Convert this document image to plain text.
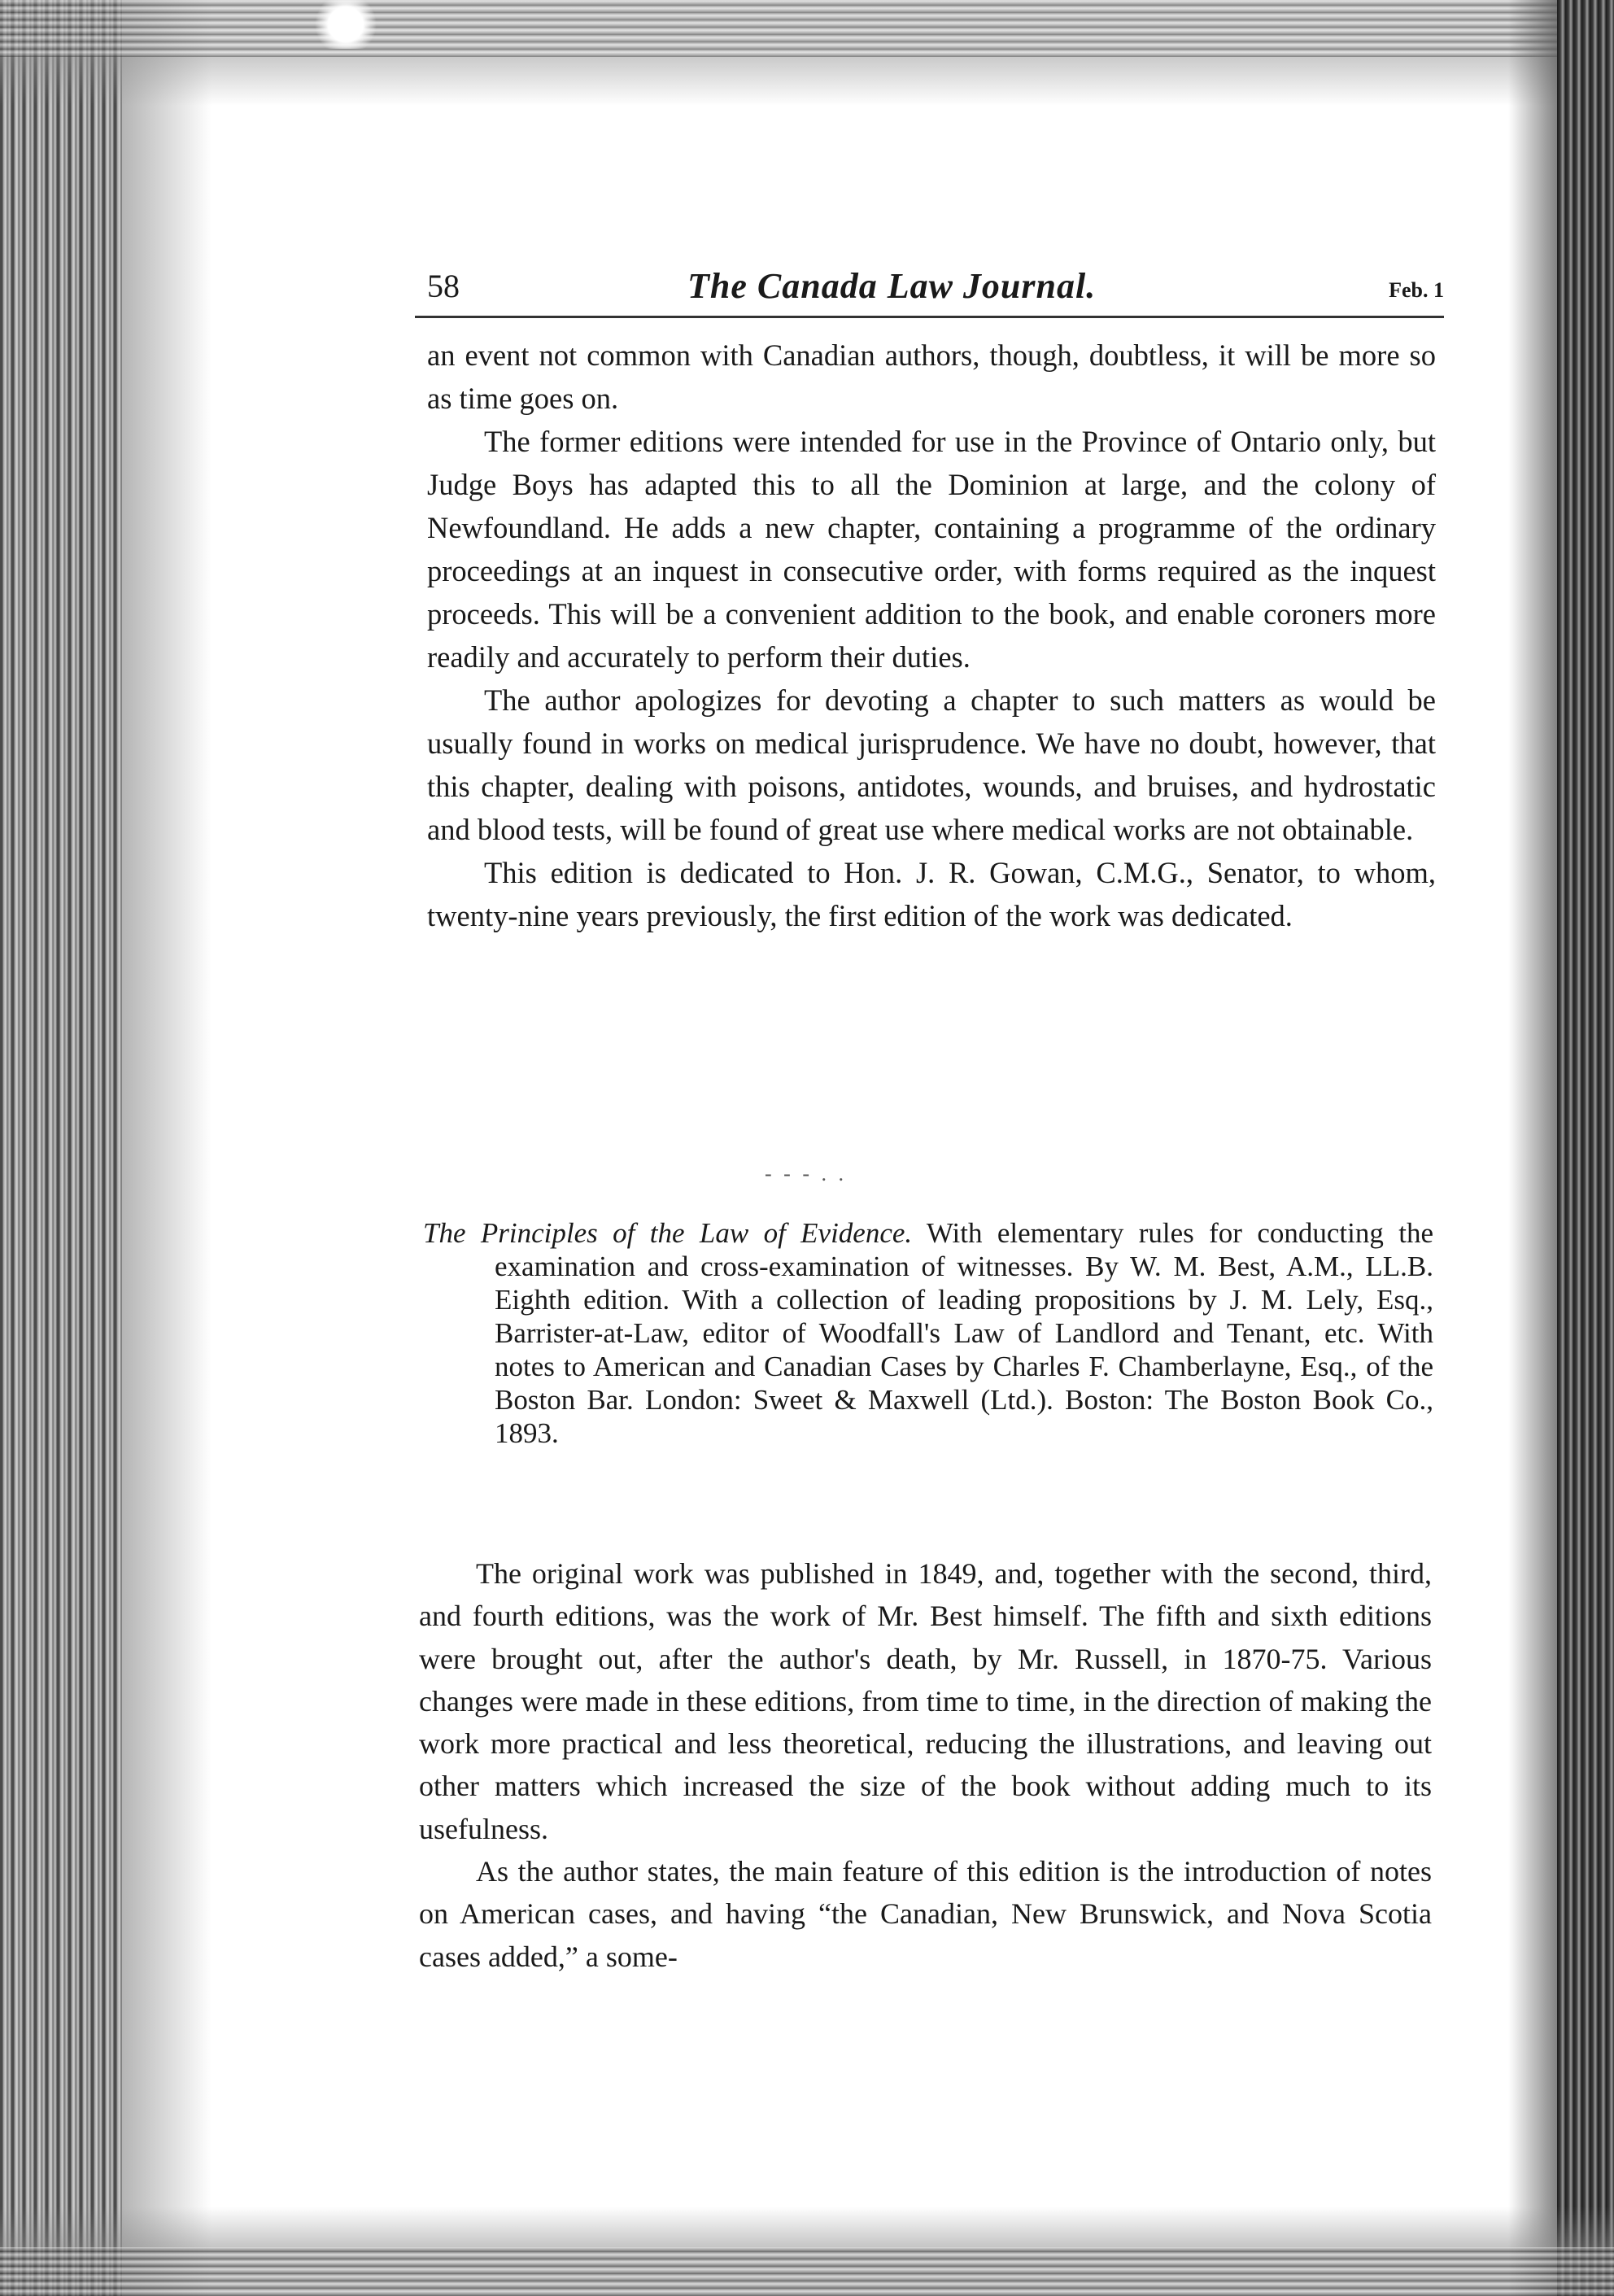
58	The Canada Law Journal.	Feb. 1

an event not common with Canadian authors, though, doubtless, it will be more so as time goes on.

The former editions were intended for use in the Province of Ontario only, but Judge Boys has adapted this to all the Dominion at large, and the colony of Newfoundland. He adds a new chapter, containing a programme of the ordinary proceedings at an inquest in consecutive order, with forms required as the inquest proceeds. This will be a convenient addition to the book, and enable coroners more readily and accurately to perform their duties.

The author apologizes for devoting a chapter to such matters as would be usually found in works on medical jurisprudence. We have no doubt, however, that this chapter, dealing with poisons, antidotes, wounds, and bruises, and hydrostatic and blood tests, will be found of great use where medical works are not obtainable.

This edition is dedicated to Hon. J. R. Gowan, C.M.G., Senator, to whom, twenty-nine years previously, the first edition of the work was dedicated.

- - - . .
The Principles of the Law of Evidence. With elementary rules for conducting the examination and cross-examination of witnesses. By W. M. Best, A.M., LL.B. Eighth edition. With a collection of leading propositions by J. M. Lely, Esq., Barrister-at-Law, editor of Woodfall's Law of Landlord and Tenant, etc. With notes to American and Canadian Cases by Charles F. Chamberlayne, Esq., of the Boston Bar. London: Sweet & Maxwell (Ltd.). Boston: The Boston Book Co., 1893.

The original work was published in 1849, and, together with the second, third, and fourth editions, was the work of Mr. Best himself. The fifth and sixth editions were brought out, after the author's death, by Mr. Russell, in 1870-75. Various changes were made in these editions, from time to time, in the direction of making the work more practical and less theoretical, reducing the illustrations, and leaving out other matters which increased the size of the book without adding much to its usefulness.

As the author states, the main feature of this edition is the introduction of notes on American cases, and having “the Canadian, New Brunswick, and Nova Scotia cases added,” a some-
